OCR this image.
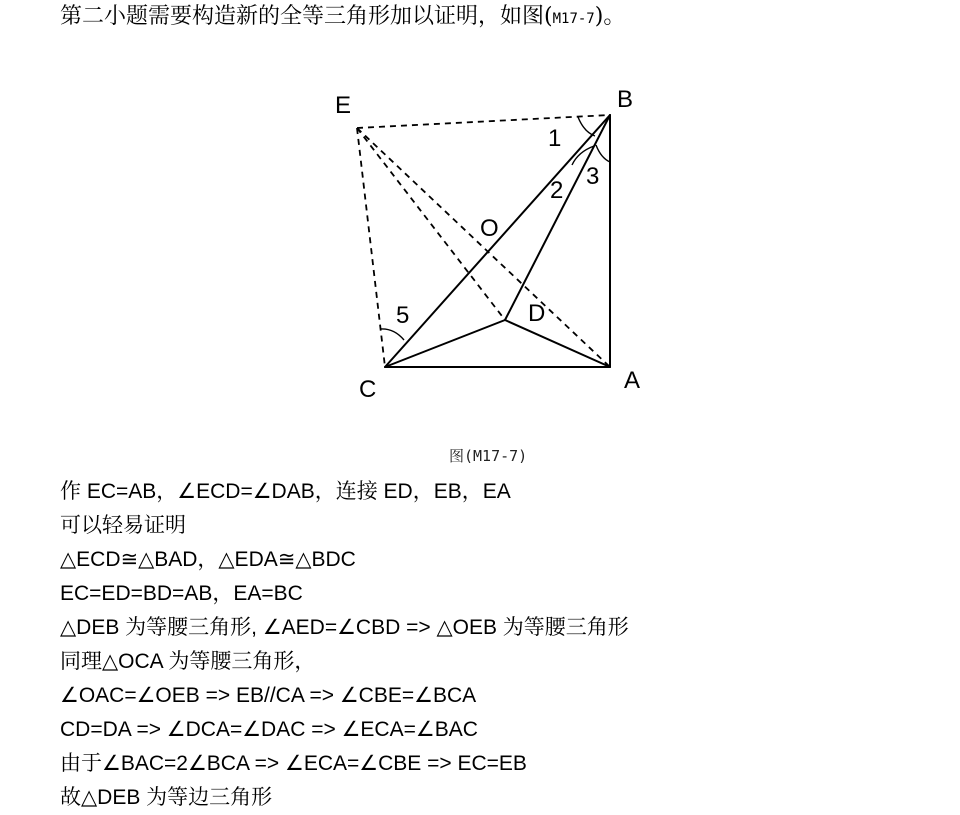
第二小题需要构造新的全等三角形加以证明，如图(M17-7)。
E	B
C	A
O
D
1
2
3
5
图(M17-7)
作 EC=AB，∠ECD=∠DAB，连接 ED，EB，EA
可以轻易证明
△ECD≅△BAD，△EDA≅△BDC
EC=ED=BD=AB，EA=BC
△DEB 为等腰三角形, ∠AED=∠CBD => △OEB 为等腰三角形
同理△OCA 为等腰三角形，
∠OAC=∠OEB => EB//CA => ∠CBE=∠BCA
CD=DA => ∠DCA=∠DAC => ∠ECA=∠BAC
由于∠BAC=2∠BCA => ∠ECA=∠CBE => EC=EB
故△DEB 为等边三角形
